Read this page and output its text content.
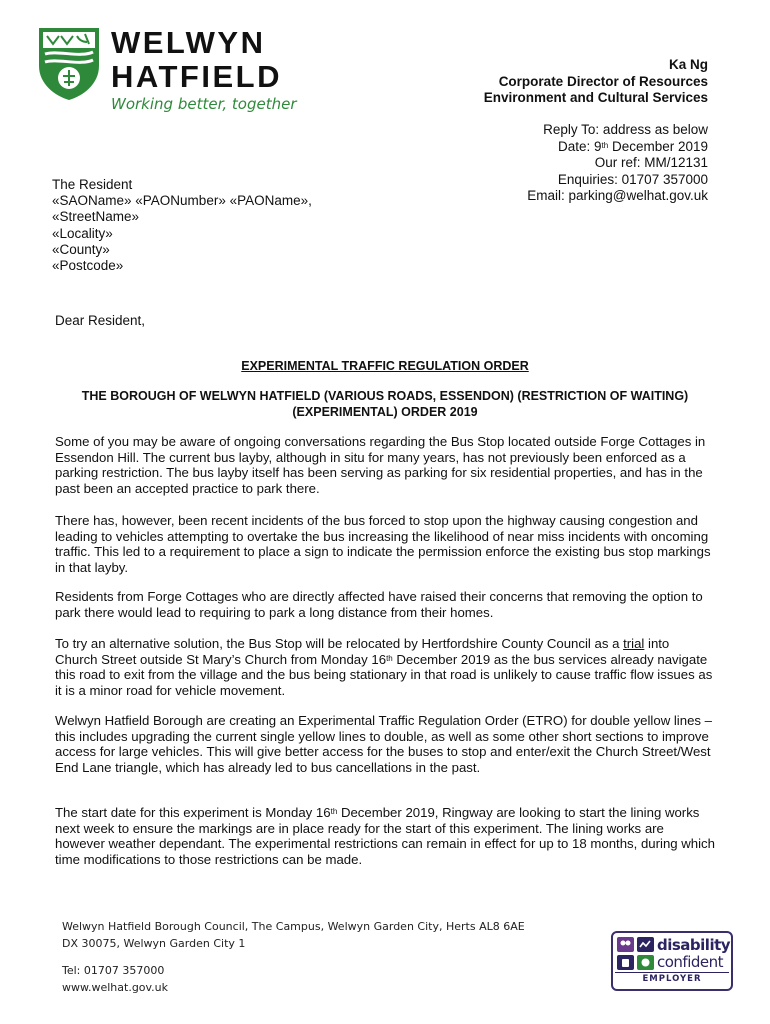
WELWYN
HATFIELD
Working better, together
Ka Ng
Corporate Director of Resources
Environment and Cultural Services
Reply To: address as below
Date: 9th December 2019
Our ref: MM/12131
Enquiries: 01707 357000
Email: parking@welhat.gov.uk
The Resident
«SAOName» «PAONumber» «PAOName»,
«StreetName»
«Locality»
«County»
«Postcode»
Dear Resident,
EXPERIMENTAL TRAFFIC REGULATION ORDER
THE BOROUGH OF WELWYN HATFIELD (VARIOUS ROADS, ESSENDON) (RESTRICTION OF WAITING) (EXPERIMENTAL) ORDER 2019

Some of you may be aware of ongoing conversations regarding the Bus Stop located outside Forge Cottages in Essendon Hill. The current bus layby, although in situ for many years, has not previously been enforced as a parking restriction. The bus layby itself has been serving as parking for six residential properties, and has in the past been an accepted practice to park there.

There has, however, been recent incidents of the bus forced to stop upon the highway causing congestion and leading to vehicles attempting to overtake the bus increasing the likelihood of near miss incidents with oncoming traffic. This led to a requirement to place a sign to indicate the permission enforce the existing bus stop markings in that layby.

Residents from Forge Cottages who are directly affected have raised their concerns that removing the option to park there would lead to requiring to park a long distance from their homes.

To try an alternative solution, the Bus Stop will be relocated by Hertfordshire County Council as a trial into Church Street outside St Mary’s Church from Monday 16th December 2019 as the bus services already navigate this road to exit from the village and the bus being stationary in that road is unlikely to cause traffic flow issues as it is a minor road for vehicle movement.

Welwyn Hatfield Borough are creating an Experimental Traffic Regulation Order (ETRO) for double yellow lines – this includes upgrading the current single yellow lines to double, as well as some other short sections to improve access for large vehicles. This will give better access for the buses to stop and enter/exit the Church Street/West End Lane triangle, which has already led to bus cancellations in the past.

The start date for this experiment is Monday 16th December 2019, Ringway are looking to start the lining works next week to ensure the markings are in place ready for the start of this experiment. The lining works are however weather dependant. The experimental restrictions can remain in effect for up to 18 months, during which time modifications to those restrictions can be made.

Welwyn Hatfield Borough Council, The Campus, Welwyn Garden City, Herts AL8 6AE
DX 30075, Welwyn Garden City 1
Tel: 01707 357000
www.welhat.gov.uk
disability
confident
EMPLOYER
